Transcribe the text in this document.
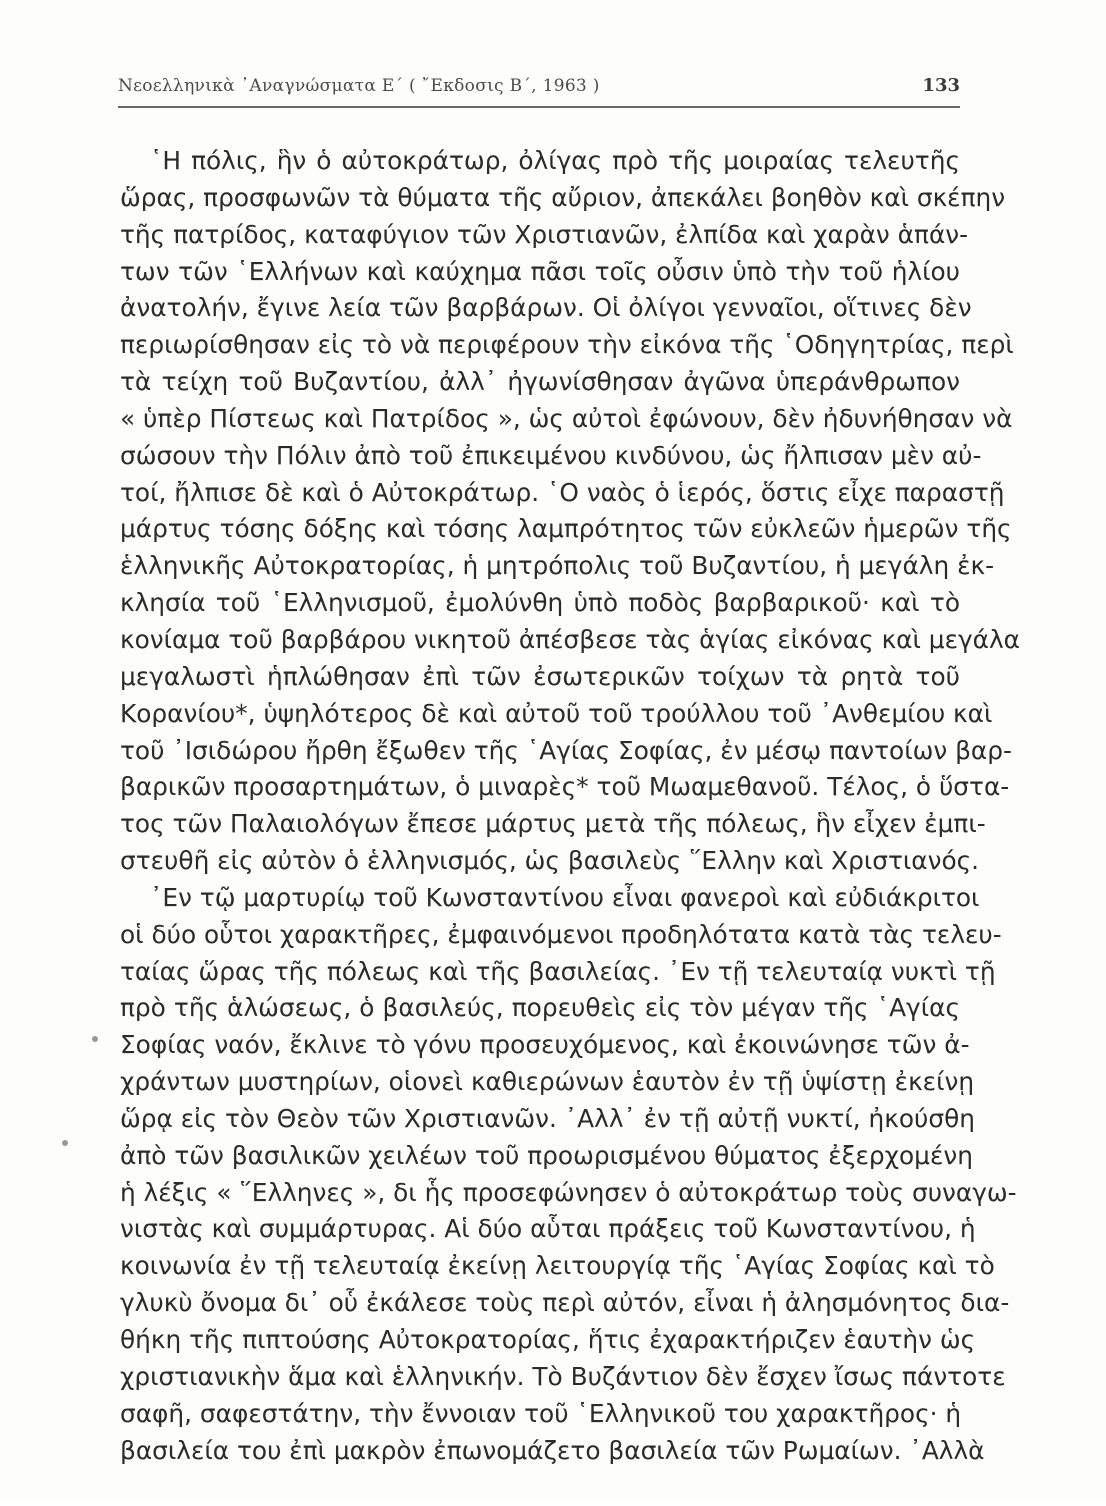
Νεοελληνικὰ ᾿Αναγνώσματα Ε΄ ( ῎Εκδοσις Β΄, 1963 )	133
῾Η πόλις, ἣν ὁ αὐτοκράτωρ, ὀλίγας πρὸ τῆς μοιραίας τελευτῆς
ὥρας, προσφωνῶν τὰ θύματα τῆς αὔριον, ἀπεκάλει βοηθὸν καὶ σκέπην
τῆς πατρίδος, καταφύγιον τῶν Χριστιανῶν, ἐλπίδα καὶ χαρὰν ἁπάν-
των τῶν ῾Ελλήνων καὶ καύχημα πᾶσι τοῖς οὖσιν ὑπὸ τὴν τοῦ ἡλίου
ἀνατολήν, ἔγινε λεία τῶν βαρβάρων. Οἱ ὀλίγοι γενναῖοι, οἵτινες δὲν
περιωρίσθησαν εἰς τὸ νὰ περιφέρουν τὴν εἰκόνα τῆς ῾Οδηγητρίας, περὶ
τὰ τείχη τοῦ Βυζαντίου, ἀλλ᾿ ἠγωνίσθησαν ἀγῶνα ὑπεράνθρωπον
« ὑπὲρ Πίστεως καὶ Πατρίδος », ὡς αὐτοὶ ἐφώνουν, δὲν ἠδυνήθησαν νὰ
σώσουν τὴν Πόλιν ἀπὸ τοῦ ἐπικειμένου κινδύνου, ὡς ἤλπισαν μὲν αὐ-
τοί, ἤλπισε δὲ καὶ ὁ Αὐτοκράτωρ. ῾Ο ναὸς ὁ ἱερός, ὅστις εἶχε παραστῇ
μάρτυς τόσης δόξης καὶ τόσης λαμπρότητος τῶν εὐκλεῶν ἡμερῶν τῆς
ἑλληνικῆς Αὐτοκρατορίας, ἡ μητρόπολις τοῦ Βυζαντίου, ἡ μεγάλη ἐκ-
κλησία τοῦ ῾Ελληνισμοῦ, ἐμολύνθη ὑπὸ ποδὸς βαρβαρικοῦ· καὶ τὸ
κονίαμα τοῦ βαρβάρου νικητοῦ ἀπέσβεσε τὰς ἁγίας εἰκόνας καὶ μεγάλα
μεγαλωστὶ ἡπλώθησαν ἐπὶ τῶν ἐσωτερικῶν τοίχων τὰ ρητὰ τοῦ
Κορανίου*, ὑψηλότερος δὲ καὶ αὐτοῦ τοῦ τρούλλου τοῦ ᾿Ανθεμίου καὶ
τοῦ ᾿Ισιδώρου ἤρθη ἔξωθεν τῆς ῾Αγίας Σοφίας, ἐν μέσῳ παντοίων βαρ-
βαρικῶν προσαρτημάτων, ὁ μιναρὲς* τοῦ Μωαμεθανοῦ. Τέλος, ὁ ὕστα-
τος τῶν Παλαιολόγων ἔπεσε μάρτυς μετὰ τῆς πόλεως, ἣν εἶχεν ἐμπι-
στευθῆ εἰς αὐτὸν ὁ ἑλληνισμός, ὡς βασιλεὺς ῞Ελλην καὶ Χριστιανός.
᾿Εν τῷ μαρτυρίῳ τοῦ Κωνσταντίνου εἶναι φανεροὶ καὶ εὐδιάκριτοι
οἱ δύο οὗτοι χαρακτῆρες, ἐμφαινόμενοι προδηλότατα κατὰ τὰς τελευ-
ταίας ὥρας τῆς πόλεως καὶ τῆς βασιλείας. ᾿Εν τῇ τελευταίᾳ νυκτὶ τῇ
πρὸ τῆς ἁλώσεως, ὁ βασιλεύς, πορευθεὶς εἰς τὸν μέγαν τῆς ῾Αγίας
Σοφίας ναόν, ἔκλινε τὸ γόνυ προσευχόμενος, καὶ ἐκοινώνησε τῶν ἀ-
χράντων μυστηρίων, οἱονεὶ καθιερώνων ἑαυτὸν ἐν τῇ ὑψίστῃ ἐκείνῃ
ὥρᾳ εἰς τὸν Θεὸν τῶν Χριστιανῶν. ᾿Αλλ᾿ ἐν τῇ αὐτῇ νυκτί, ἠκούσθη
ἀπὸ τῶν βασιλικῶν χειλέων τοῦ προωρισμένου θύματος ἐξερχομένη
ἡ λέξις « ῞Ελληνες », δι ἧς προσεφώνησεν ὁ αὐτοκράτωρ τοὺς συναγω-
νιστὰς καὶ συμμάρτυρας. Αἱ δύο αὗται πράξεις τοῦ Κωνσταντίνου, ἡ
κοινωνία ἐν τῇ τελευταίᾳ ἐκείνῃ λειτουργίᾳ τῆς ῾Αγίας Σοφίας καὶ τὸ
γλυκὺ ὄνομα δι᾿ οὗ ἐκάλεσε τοὺς περὶ αὐτόν, εἶναι ἡ ἀλησμόνητος δια-
θήκη τῆς πιπτούσης Αὐτοκρατορίας, ἥτις ἐχαρακτήριζεν ἑαυτὴν ὡς
χριστιανικὴν ἅμα καὶ ἑλληνικήν. Τὸ Βυζάντιον δὲν ἔσχεν ἴσως πάντοτε
σαφῆ, σαφεστάτην, τὴν ἔννοιαν τοῦ ῾Ελληνικοῦ του χαρακτῆρος· ἡ
βασιλεία του ἐπὶ μακρὸν ἐπωνομάζετο βασιλεία τῶν Ρωμαίων. ᾿Αλλὰ
